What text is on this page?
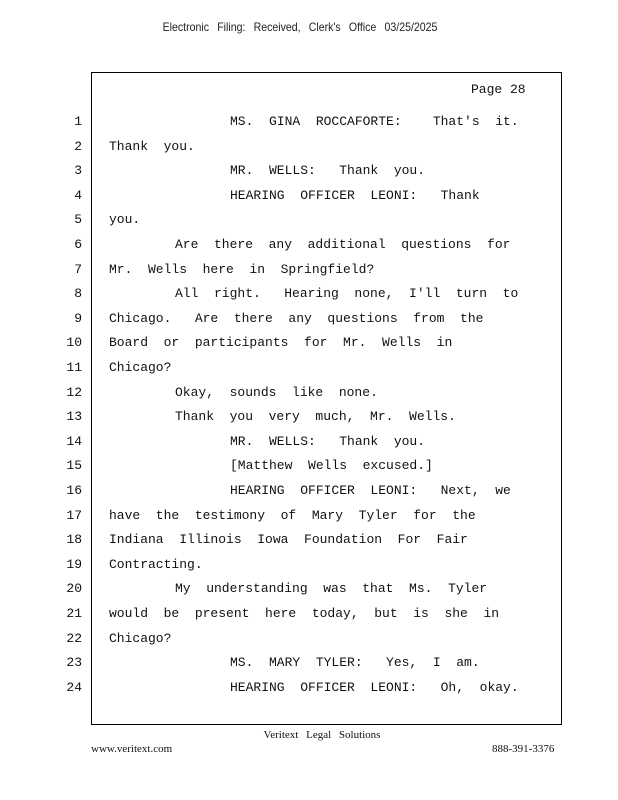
Electronic Filing: Received, Clerk's Office 03/25/2025
Page 28
1	MS.  GINA  ROCCAFORTE:    That's  it.
2 Thank  you.
3	MR.  WELLS:   Thank  you.
4	HEARING  OFFICER  LEONI:   Thank
5 you.
6	Are  there  any  additional  questions  for
7 Mr.  Wells  here  in  Springfield?
8	All  right.   Hearing  none,  I'll  turn  to
9 Chicago.   Are  there  any  questions  from  the
10 Board  or  participants  for  Mr.  Wells  in
11 Chicago?
12	Okay,  sounds  like  none.
13	Thank  you  very  much,  Mr.  Wells.
14	MR.  WELLS:   Thank  you.
15	[Matthew  Wells  excused.]
16	HEARING  OFFICER  LEONI:   Next,  we
17 have  the  testimony  of  Mary  Tyler  for  the
18 Indiana  Illinois  Iowa  Foundation  For  Fair
19 Contracting.
20	My  understanding  was  that  Ms.  Tyler
21 would  be  present  here  today,  but  is  she  in
22 Chicago?
23	MS.  MARY  TYLER:   Yes,  I  am.
24	HEARING  OFFICER  LEONI:   Oh,  okay.
Veritext Legal Solutions
www.veritext.com	888-391-3376
